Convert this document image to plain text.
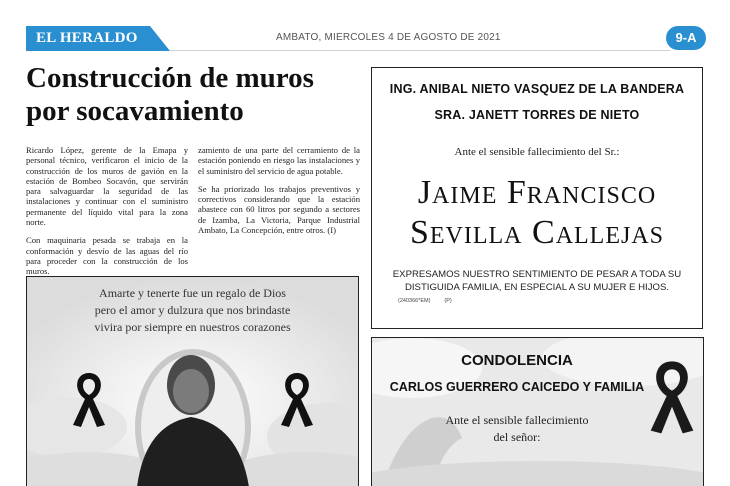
EL HERALDO	AMBATO, MIERCOLES 4 DE AGOSTO DE 2021	9-A
Construcción de muros
por socavamiento

Ricardo López, gerente de la Emapa y personal técnico, verificaron el inicio de la construcción de los muros de gavión en la estación de Bombeo Socavón, que servirán para salvaguardar la seguridad de las instalaciones y continuar con el suministro permanente del líquido vital para la zona norte.

Con maquinaria pesada se trabaja en la conformación y desvío de las aguas del río para proceder con la construcción de los muros.

zamiento de una parte del cerramiento de la estación poniendo en riesgo las instalaciones y el suministro del servicio de agua potable.

Se ha priorizado los trabajos preventivos y correctivos considerando que la estación abastece con 60 litros por segundo a sectores de Izamba, La Victoria, Parque Industrial Ambato, La Concepción, entre otros. (I)

ING. ANIBAL NIETO VASQUEZ DE LA BANDERA
SRA. JANETT TORRES DE NIETO
Ante el sensible fallecimiento del Sr.:
Jaime Francisco
Sevilla Callejas
EXPRESAMOS NUESTRO SENTIMIENTO DE PESAR A TODA SU
DISTIGUIDA FAMILIA, EN ESPECIAL A SU MUJER E HIJOS.
(240366*EM)	(P)
Amarte y tenerte fue un regalo de Dios
pero el amor y dulzura que nos brindaste
vivira por siempre en nuestros corazones
CONDOLENCIA
CARLOS GUERRERO CAICEDO Y FAMILIA
Ante el sensible fallecimiento
del señor:
